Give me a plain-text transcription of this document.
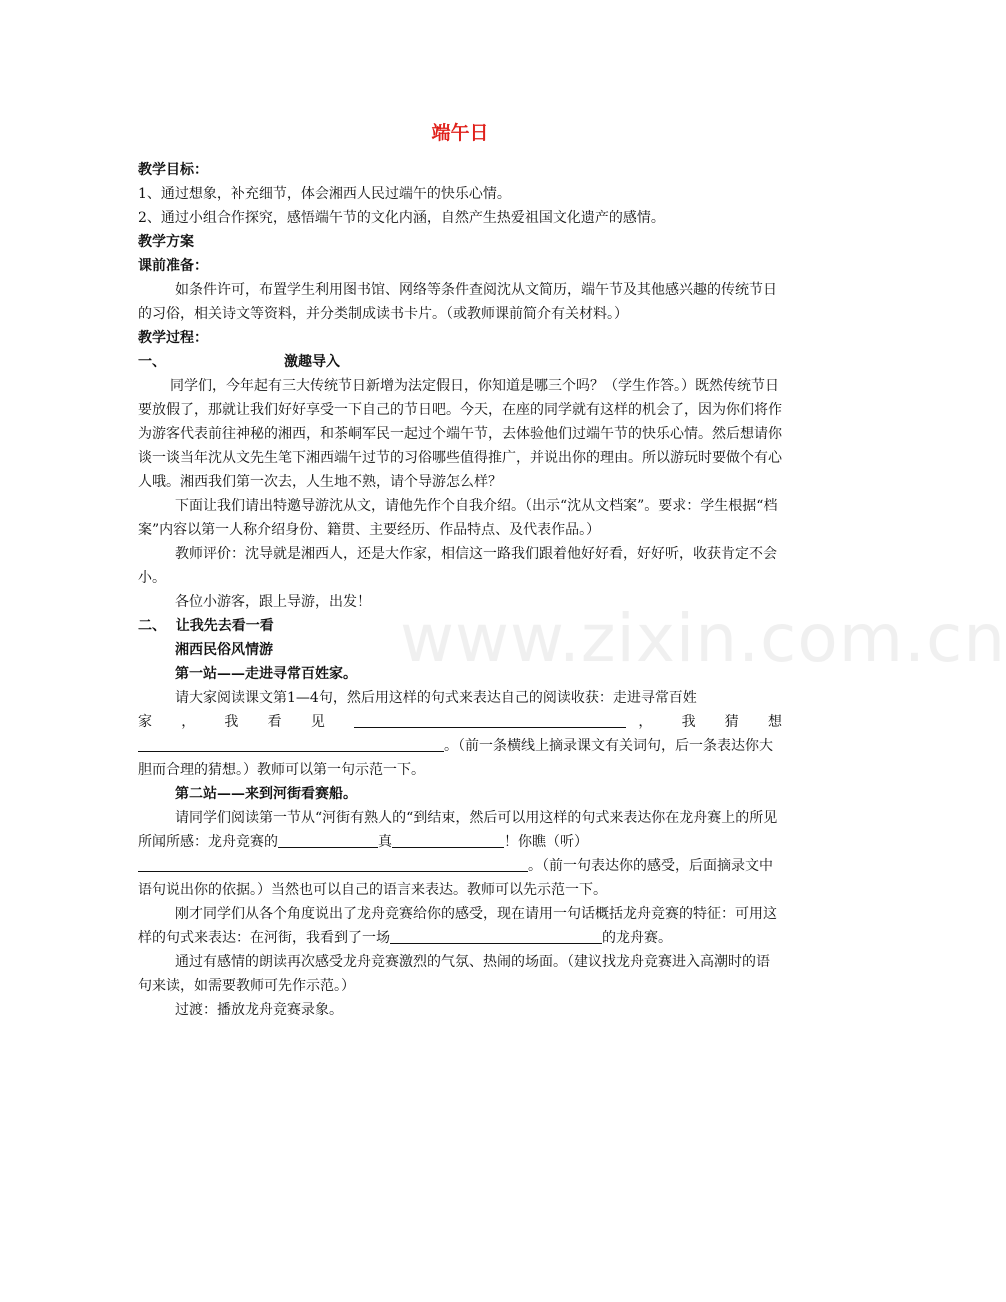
端午日

教学目标：

1、通过想象，补充细节，体会湘西人民过端午的快乐心情。

2、通过小组合作探究，感悟端午节的文化内涵，自然产生热爱祖国文化遗产的感情。

教学方案

课前准备：

如条件许可，布置学生利用图书馆、网络等条件查阅沈从文简历，端午节及其他感兴趣的传统节日的习俗，相关诗文等资料，并分类制成读书卡片。（或教师课前简介有关材料。）

教学过程：

一、	激趣导入

同学们，今年起有三大传统节日新增为法定假日，你知道是哪三个吗？（学生作答。）既然传统节日要放假了，那就让我们好好享受一下自己的节日吧。今天，在座的同学就有这样的机会了，因为你们将作为游客代表前往神秘的湘西，和茶峒军民一起过个端午节，去体验他们过端午节的快乐心情。然后想请你谈一谈当年沈从文先生笔下湘西端午过节的习俗哪些值得推广，并说出你的理由。所以游玩时要做个有心人哦。湘西我们第一次去，人生地不熟，请个导游怎么样？

下面让我们请出特邀导游沈从文，请他先作个自我介绍。（出示“沈从文档案”。要求：学生根据“档案”内容以第一人称介绍身份、籍贯、主要经历、作品特点、及代表作品。）

教师评价：沈导就是湘西人，还是大作家，相信这一路我们跟着他好好看，好好听，收获肯定不会小。

各位小游客，跟上导游，出发！

二、 让我先去看一看

湘西民俗风情游

第一站——走进寻常百姓家。

请大家阅读课文第1—4句，然后用这样的句式来表达自己的阅读收获：走进寻常百姓

家 ， 我 看 见	， 我 猜 想

。（前一条横线上摘录课文有关词句，后一条表达你大胆而合理的猜想。）教师可以第一句示范一下。

第二站——来到河街看赛船。

请同学们阅读第一节从“河街有熟人的“到结束，然后可以用这样的句式来表达你在龙舟赛上的所见所闻所感：龙舟竞赛的	真	！你瞧（听）
。（前一句表达你的感受，后面摘录文中语句说出你的依据。）当然也可以自己的语言来表达。教师可以先示范一下。

刚才同学们从各个角度说出了龙舟竞赛给你的感受，现在请用一句话概括龙舟竞赛的特征：可用这样的句式来表达：在河街，我看到了一场	的龙舟赛。

通过有感情的朗读再次感受龙舟竞赛激烈的气氛、热闹的场面。（建议找龙舟竞赛进入高潮时的语句来读，如需要教师可先作示范。）

过渡：播放龙舟竞赛录象。

www.zixin.com.cn
